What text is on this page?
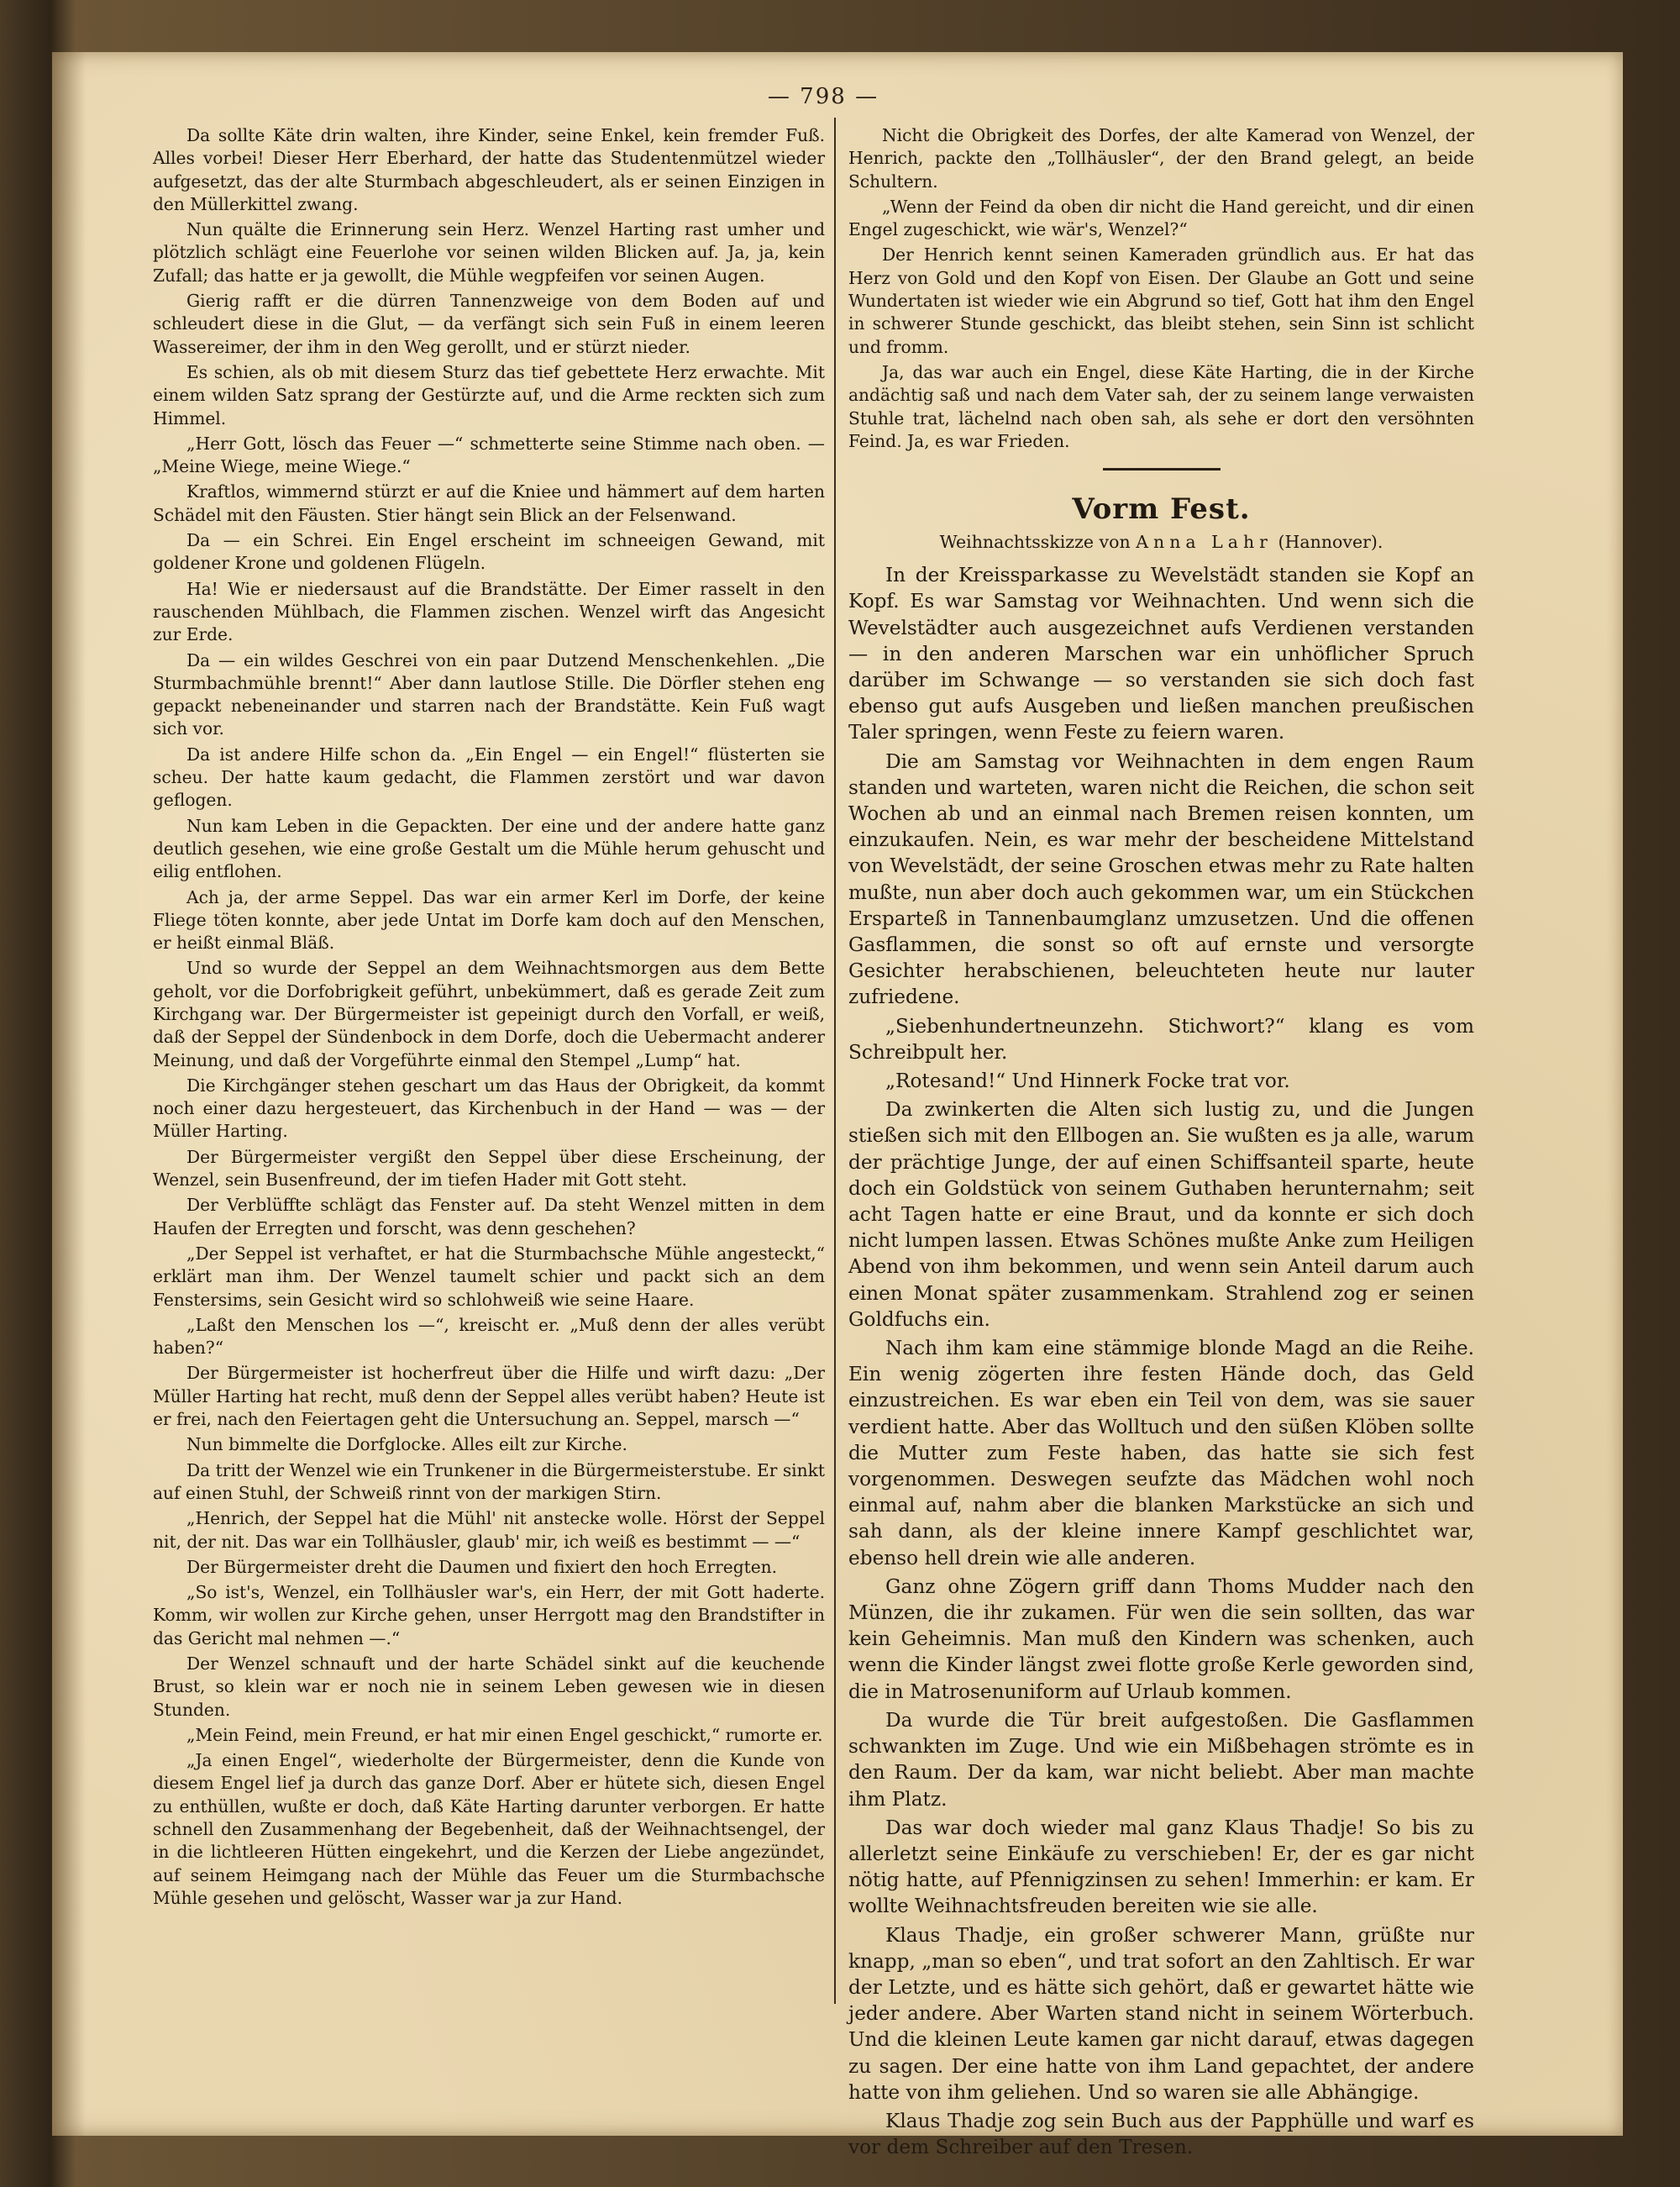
— 798 —

Da sollte Käte drin walten, ihre Kinder, seine Enkel, kein fremder Fuß. Alles vorbei! Dieser Herr Eberhard, der hatte das Studentenmützel wieder aufgesetzt, das der alte Sturmbach abgeschleudert, als er seinen Einzigen in den Müllerkittel zwang.

Nun quälte die Erinnerung sein Herz. Wenzel Harting rast umher und plötzlich schlägt eine Feuerlohe vor seinen wilden Blicken auf. Ja, ja, kein Zufall; das hatte er ja gewollt, die Mühle wegpfeifen vor seinen Augen.

Gierig rafft er die dürren Tannenzweige von dem Boden auf und schleudert diese in die Glut, — da verfängt sich sein Fuß in einem leeren Wassereimer, der ihm in den Weg gerollt, und er stürzt nieder.

Es schien, als ob mit diesem Sturz das tief gebettete Herz erwachte. Mit einem wilden Satz sprang der Gestürzte auf, und die Arme reckten sich zum Himmel.

„Herr Gott, lösch das Feuer —“ schmetterte seine Stimme nach oben. — „Meine Wiege, meine Wiege.“

Kraftlos, wimmernd stürzt er auf die Kniee und hämmert auf dem harten Schädel mit den Fäusten. Stier hängt sein Blick an der Felsenwand.

Da — ein Schrei. Ein Engel erscheint im schneeigen Gewand, mit goldener Krone und goldenen Flügeln.

Ha! Wie er niedersaust auf die Brandstätte. Der Eimer rasselt in den rauschenden Mühlbach, die Flammen zischen. Wenzel wirft das Angesicht zur Erde.

Da — ein wildes Geschrei von ein paar Dutzend Menschenkehlen. „Die Sturmbachmühle brennt!“ Aber dann lautlose Stille. Die Dörfler stehen eng gepackt nebeneinander und starren nach der Brandstätte. Kein Fuß wagt sich vor.

Da ist andere Hilfe schon da. „Ein Engel — ein Engel!“ flüsterten sie scheu. Der hatte kaum gedacht, die Flammen zerstört und war davon geflogen.

Nun kam Leben in die Gepackten. Der eine und der andere hatte ganz deutlich gesehen, wie eine große Gestalt um die Mühle herum gehuscht und eilig entflohen.

Ach ja, der arme Seppel. Das war ein armer Kerl im Dorfe, der keine Fliege töten konnte, aber jede Untat im Dorfe kam doch auf den Menschen, er heißt einmal Bläß.

Und so wurde der Seppel an dem Weihnachtsmorgen aus dem Bette geholt, vor die Dorfobrigkeit geführt, unbekümmert, daß es gerade Zeit zum Kirchgang war. Der Bürgermeister ist gepeinigt durch den Vorfall, er weiß, daß der Seppel der Sündenbock in dem Dorfe, doch die Uebermacht anderer Meinung, und daß der Vorgeführte einmal den Stempel „Lump“ hat.

Die Kirchgänger stehen geschart um das Haus der Obrigkeit, da kommt noch einer dazu hergesteuert, das Kirchenbuch in der Hand — was — der Müller Harting.

Der Bürgermeister vergißt den Seppel über diese Erscheinung, der Wenzel, sein Busenfreund, der im tiefen Hader mit Gott steht.

Der Verblüffte schlägt das Fenster auf. Da steht Wenzel mitten in dem Haufen der Erregten und forscht, was denn geschehen?

„Der Seppel ist verhaftet, er hat die Sturmbachsche Mühle angesteckt,“ erklärt man ihm. Der Wenzel taumelt schier und packt sich an dem Fenstersims, sein Gesicht wird so schlohweiß wie seine Haare.

„Laßt den Menschen los —“, kreischt er. „Muß denn der alles verübt haben?“

Der Bürgermeister ist hocherfreut über die Hilfe und wirft dazu: „Der Müller Harting hat recht, muß denn der Seppel alles verübt haben? Heute ist er frei, nach den Feiertagen geht die Untersuchung an. Seppel, marsch —“

Nun bimmelte die Dorfglocke. Alles eilt zur Kirche.

Da tritt der Wenzel wie ein Trunkener in die Bürgermeisterstube. Er sinkt auf einen Stuhl, der Schweiß rinnt von der markigen Stirn.

„Henrich, der Seppel hat die Mühl' nit anstecke wolle. Hörst der Seppel nit, der nit. Das war ein Tollhäusler, glaub' mir, ich weiß es bestimmt — —“

Der Bürgermeister dreht die Daumen und fixiert den hoch Erregten.

„So ist's, Wenzel, ein Tollhäusler war's, ein Herr, der mit Gott haderte. Komm, wir wollen zur Kirche gehen, unser Herrgott mag den Brandstifter in das Gericht mal nehmen —.“

Der Wenzel schnauft und der harte Schädel sinkt auf die keuchende Brust, so klein war er noch nie in seinem Leben gewesen wie in diesen Stunden.

„Mein Feind, mein Freund, er hat mir einen Engel geschickt,“ rumorte er.

„Ja einen Engel“, wiederholte der Bürgermeister, denn die Kunde von diesem Engel lief ja durch das ganze Dorf. Aber er hütete sich, diesen Engel zu enthüllen, wußte er doch, daß Käte Harting darunter verborgen. Er hatte schnell den Zusammenhang der Begebenheit, daß der Weihnachtsengel, der in die lichtleeren Hütten eingekehrt, und die Kerzen der Liebe angezündet, auf seinem Heimgang nach der Mühle das Feuer um die Sturmbachsche Mühle gesehen und gelöscht, Wasser war ja zur Hand.

Nicht die Obrigkeit des Dorfes, der alte Kamerad von Wenzel, der Henrich, packte den „Tollhäusler“, der den Brand gelegt, an beide Schultern.

„Wenn der Feind da oben dir nicht die Hand gereicht, und dir einen Engel zugeschickt, wie wär's, Wenzel?“

Der Henrich kennt seinen Kameraden gründlich aus. Er hat das Herz von Gold und den Kopf von Eisen. Der Glaube an Gott und seine Wundertaten ist wieder wie ein Abgrund so tief, Gott hat ihm den Engel in schwerer Stunde geschickt, das bleibt stehen, sein Sinn ist schlicht und fromm.

Ja, das war auch ein Engel, diese Käte Harting, die in der Kirche andächtig saß und nach dem Vater sah, der zu seinem lange verwaisten Stuhle trat, lächelnd nach oben sah, als sehe er dort den versöhnten Feind. Ja, es war Frieden.

Vorm Fest.
Weihnachtsskizze von Anna Lahr (Hannover).

In der Kreissparkasse zu Wevelstädt standen sie Kopf an Kopf. Es war Samstag vor Weihnachten. Und wenn sich die Wevelstädter auch ausgezeichnet aufs Verdienen verstanden — in den anderen Marschen war ein unhöflicher Spruch darüber im Schwange — so verstanden sie sich doch fast ebenso gut aufs Ausgeben und ließen manchen preußischen Taler springen, wenn Feste zu feiern waren.

Die am Samstag vor Weihnachten in dem engen Raum standen und warteten, waren nicht die Reichen, die schon seit Wochen ab und an einmal nach Bremen reisen konnten, um einzukaufen. Nein, es war mehr der bescheidene Mittelstand von Wevelstädt, der seine Groschen etwas mehr zu Rate halten mußte, nun aber doch auch gekommen war, um ein Stückchen Ersparteß in Tannenbaumglanz umzusetzen. Und die offenen Gasflammen, die sonst so oft auf ernste und versorgte Gesichter herabschienen, beleuchteten heute nur lauter zufriedene.

„Siebenhundertneunzehn. Stichwort?“ klang es vom Schreibpult her.

„Rotesand!“ Und Hinnerk Focke trat vor.

Da zwinkerten die Alten sich lustig zu, und die Jungen stießen sich mit den Ellbogen an. Sie wußten es ja alle, warum der prächtige Junge, der auf einen Schiffsanteil sparte, heute doch ein Goldstück von seinem Guthaben herunternahm; seit acht Tagen hatte er eine Braut, und da konnte er sich doch nicht lumpen lassen. Etwas Schönes mußte Anke zum Heiligen Abend von ihm bekommen, und wenn sein Anteil darum auch einen Monat später zusammenkam. Strahlend zog er seinen Goldfuchs ein.

Nach ihm kam eine stämmige blonde Magd an die Reihe. Ein wenig zögerten ihre festen Hände doch, das Geld einzustreichen. Es war eben ein Teil von dem, was sie sauer verdient hatte. Aber das Wolltuch und den süßen Klöben sollte die Mutter zum Feste haben, das hatte sie sich fest vorgenommen. Deswegen seufzte das Mädchen wohl noch einmal auf, nahm aber die blanken Markstücke an sich und sah dann, als der kleine innere Kampf geschlichtet war, ebenso hell drein wie alle anderen.

Ganz ohne Zögern griff dann Thoms Mudder nach den Münzen, die ihr zukamen. Für wen die sein sollten, das war kein Geheimnis. Man muß den Kindern was schenken, auch wenn die Kinder längst zwei flotte große Kerle geworden sind, die in Matrosenuniform auf Urlaub kommen.

Da wurde die Tür breit aufgestoßen. Die Gasflammen schwankten im Zuge. Und wie ein Mißbehagen strömte es in den Raum. Der da kam, war nicht beliebt. Aber man machte ihm Platz.

Das war doch wieder mal ganz Klaus Thadje! So bis zu allerletzt seine Einkäufe zu verschieben! Er, der es gar nicht nötig hatte, auf Pfennigzinsen zu sehen! Immerhin: er kam. Er wollte Weihnachtsfreuden bereiten wie sie alle.

Klaus Thadje, ein großer schwerer Mann, grüßte nur knapp, „man so eben“, und trat sofort an den Zahltisch. Er war der Letzte, und es hätte sich gehört, daß er gewartet hätte wie jeder andere. Aber Warten stand nicht in seinem Wörterbuch. Und die kleinen Leute kamen gar nicht darauf, etwas dagegen zu sagen. Der eine hatte von ihm Land gepachtet, der andere hatte von ihm geliehen. Und so waren sie alle Abhängige.

Klaus Thadje zog sein Buch aus der Papphülle und warf es vor dem Schreiber auf den Tresen.
